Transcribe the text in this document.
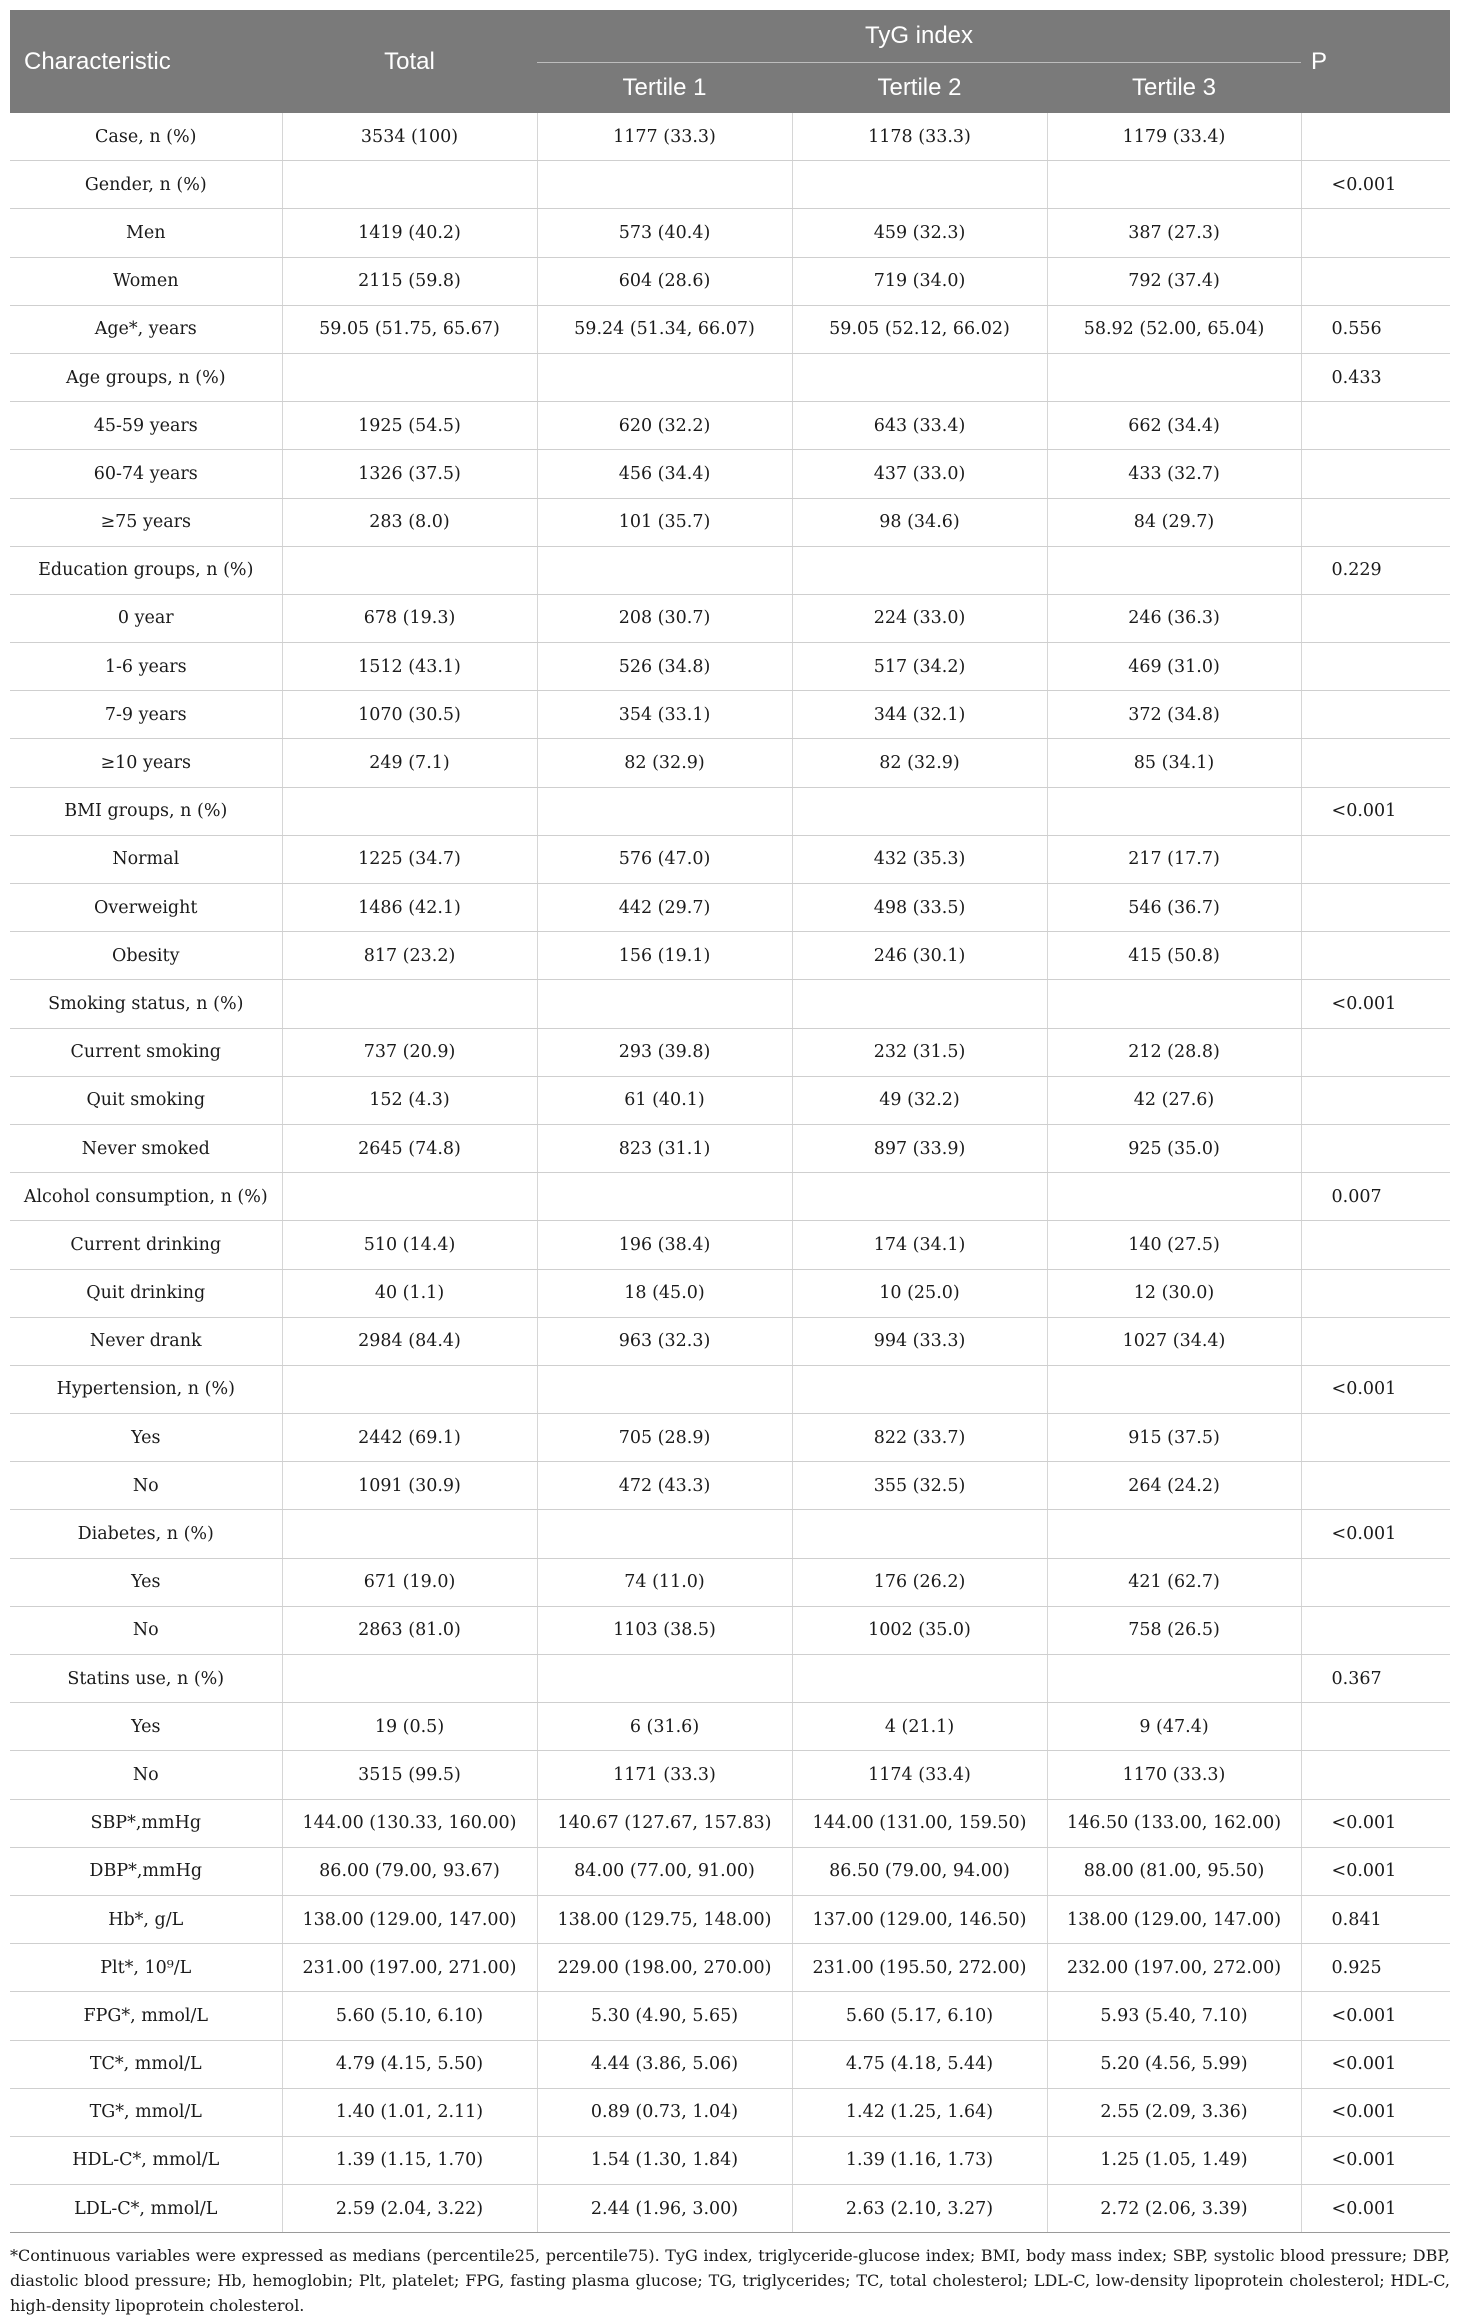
Characteristic	Total	TyG index			P
		Tertile 1	Tertile 2	Tertile 3	
Case, n (%)	3534 (100)	1177 (33.3)	1178 (33.3)	1179 (33.4)	
Gender, n (%)					<0.001
Men	1419 (40.2)	573 (40.4)	459 (32.3)	387 (27.3)	
Women	2115 (59.8)	604 (28.6)	719 (34.0)	792 (37.4)	
Age*, years	59.05 (51.75, 65.67)	59.24 (51.34, 66.07)	59.05 (52.12, 66.02)	58.92 (52.00, 65.04)	0.556
Age groups, n (%)					0.433
45-59 years	1925 (54.5)	620 (32.2)	643 (33.4)	662 (34.4)	
60-74 years	1326 (37.5)	456 (34.4)	437 (33.0)	433 (32.7)	
≥75 years	283 (8.0)	101 (35.7)	98 (34.6)	84 (29.7)	
Education groups, n (%)					0.229
0 year	678 (19.3)	208 (30.7)	224 (33.0)	246 (36.3)	
1-6 years	1512 (43.1)	526 (34.8)	517 (34.2)	469 (31.0)	
7-9 years	1070 (30.5)	354 (33.1)	344 (32.1)	372 (34.8)	
≥10 years	249 (7.1)	82 (32.9)	82 (32.9)	85 (34.1)	
BMI groups, n (%)					<0.001
Normal	1225 (34.7)	576 (47.0)	432 (35.3)	217 (17.7)	
Overweight	1486 (42.1)	442 (29.7)	498 (33.5)	546 (36.7)	
Obesity	817 (23.2)	156 (19.1)	246 (30.1)	415 (50.8)	
Smoking status, n (%)					<0.001
Current smoking	737 (20.9)	293 (39.8)	232 (31.5)	212 (28.8)	
Quit smoking	152 (4.3)	61 (40.1)	49 (32.2)	42 (27.6)	
Never smoked	2645 (74.8)	823 (31.1)	897 (33.9)	925 (35.0)	
Alcohol consumption, n (%)					0.007
Current drinking	510 (14.4)	196 (38.4)	174 (34.1)	140 (27.5)	
Quit drinking	40 (1.1)	18 (45.0)	10 (25.0)	12 (30.0)	
Never drank	2984 (84.4)	963 (32.3)	994 (33.3)	1027 (34.4)	
Hypertension, n (%)					<0.001
Yes	2442 (69.1)	705 (28.9)	822 (33.7)	915 (37.5)	
No	1091 (30.9)	472 (43.3)	355 (32.5)	264 (24.2)	
Diabetes, n (%)					<0.001
Yes	671 (19.0)	74 (11.0)	176 (26.2)	421 (62.7)	
No	2863 (81.0)	1103 (38.5)	1002 (35.0)	758 (26.5)	
Statins use, n (%)					0.367
Yes	19 (0.5)	6 (31.6)	4 (21.1)	9 (47.4)	
No	3515 (99.5)	1171 (33.3)	1174 (33.4)	1170 (33.3)	
SBP*,mmHg	144.00 (130.33, 160.00)	140.67 (127.67, 157.83)	144.00 (131.00, 159.50)	146.50 (133.00, 162.00)	<0.001
DBP*,mmHg	86.00 (79.00, 93.67)	84.00 (77.00, 91.00)	86.50 (79.00, 94.00)	88.00 (81.00, 95.50)	<0.001
Hb*, g/L	138.00 (129.00, 147.00)	138.00 (129.75, 148.00)	137.00 (129.00, 146.50)	138.00 (129.00, 147.00)	0.841
Plt*, 10⁹/L	231.00 (197.00, 271.00)	229.00 (198.00, 270.00)	231.00 (195.50, 272.00)	232.00 (197.00, 272.00)	0.925
FPG*, mmol/L	5.60 (5.10, 6.10)	5.30 (4.90, 5.65)	5.60 (5.17, 6.10)	5.93 (5.40, 7.10)	<0.001
TC*, mmol/L	4.79 (4.15, 5.50)	4.44 (3.86, 5.06)	4.75 (4.18, 5.44)	5.20 (4.56, 5.99)	<0.001
TG*, mmol/L	1.40 (1.01, 2.11)	0.89 (0.73, 1.04)	1.42 (1.25, 1.64)	2.55 (2.09, 3.36)	<0.001
HDL-C*, mmol/L	1.39 (1.15, 1.70)	1.54 (1.30, 1.84)	1.39 (1.16, 1.73)	1.25 (1.05, 1.49)	<0.001
LDL-C*, mmol/L	2.59 (2.04, 3.22)	2.44 (1.96, 3.00)	2.63 (2.10, 3.27)	2.72 (2.06, 3.39)	<0.001
*Continuous variables were expressed as medians (percentile25, percentile75). TyG index, triglyceride-glucose index; BMI, body mass index; SBP, systolic blood pressure; DBP, diastolic blood pressure; Hb, hemoglobin; Plt, platelet; FPG, fasting plasma glucose; TG, triglycerides; TC, total cholesterol; LDL-C, low-density lipoprotein cholesterol; HDL-C, high-density lipoprotein cholesterol.
